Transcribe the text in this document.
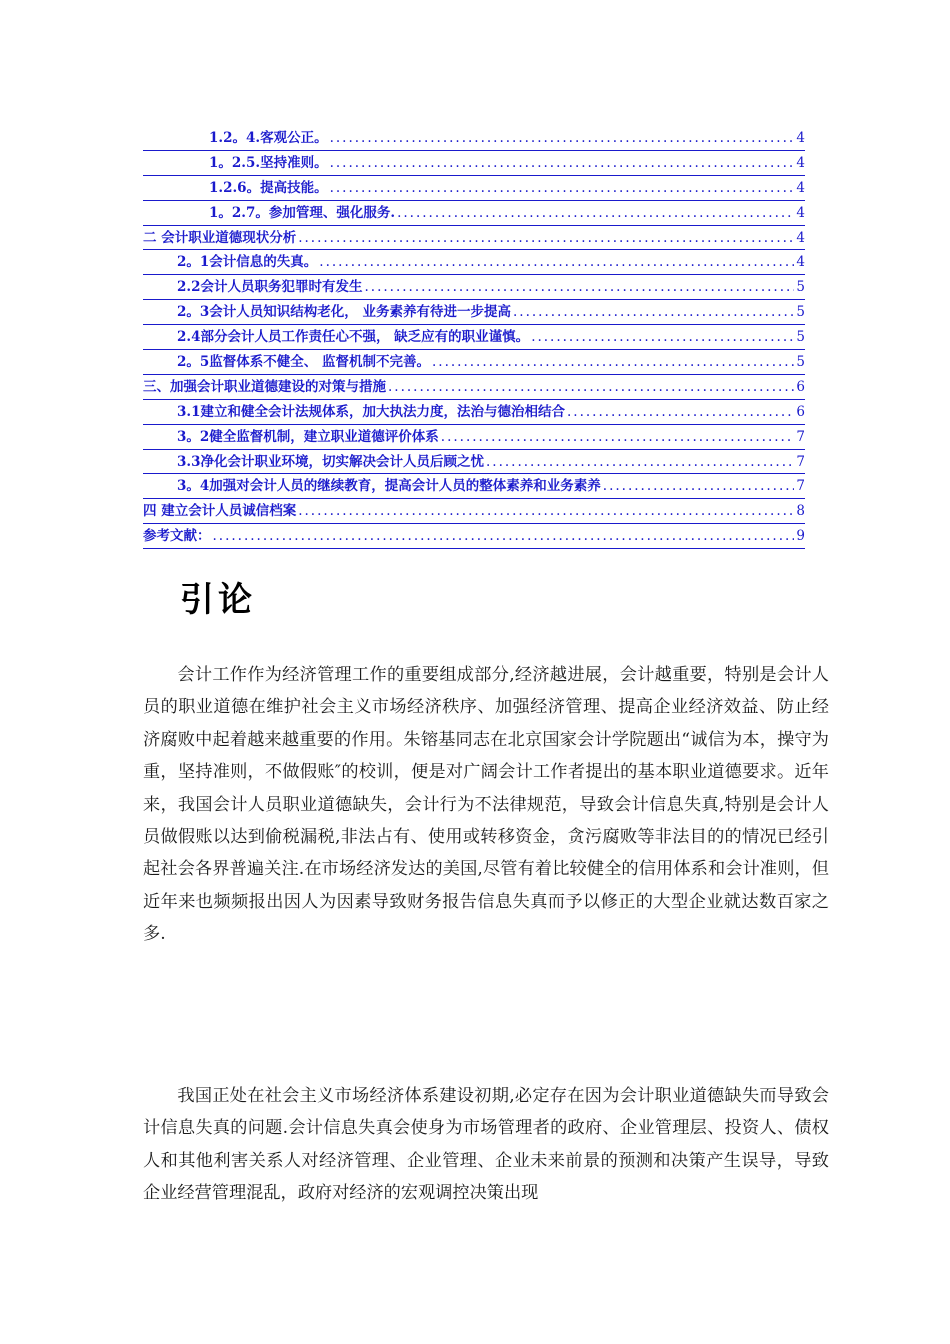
1.2。4.客观公正。 .....	4
1。2.5.坚持准则。 .....	4
1.2.6。提高技能。 .....	4
1。2.7。参加管理、强化服务. .....	4
二 会计职业道德现状分析 .....	4
2。1会计信息的失真。 .....	4
2.2会计人员职务犯罪时有发生 .....	5
2。3会计人员知识结构老化， 业务素养有待进一步提高 .....	5
2.4部分会计人员工作责任心不强， 缺乏应有的职业谨慎。 .....	5
2。5监督体系不健全、 监督机制不完善。 .....	5
三、加强会计职业道德建设的对策与措施 .....	6
3.1建立和健全会计法规体系，加大执法力度，法治与德治相结合 .....	6
3。2健全监督机制，建立职业道德评价体系 .....	7
3.3净化会计职业环境，切实解决会计人员后顾之忧 .....	7
3。4加强对会计人员的继续教育，提高会计人员的整体素养和业务素养 .....	7
四 建立会计人员诚信档案 .....	8
参考文献： .....	9
引论

会计工作作为经济管理工作的重要组成部分,经济越进展，会计越重要，特别是会计人员的职业道德在维护社会主义市场经济秩序、加强经济管理、提高企业经济效益、防止经济腐败中起着越来越重要的作用。朱镕基同志在北京国家会计学院题出“诚信为本，操守为重，坚持准则，不做假账″的校训，便是对广阔会计工作者提出的基本职业道德要求。近年来，我国会计人员职业道德缺失，会计行为不法律规范，导致会计信息失真,特别是会计人员做假账以达到偷税漏税,非法占有、使用或转移资金，贪污腐败等非法目的的情况已经引起社会各界普遍关注.在市场经济发达的美国,尽管有着比较健全的信用体系和会计准则，但近年来也频频报出因人为因素导致财务报告信息失真而予以修正的大型企业就达数百家之多.

我国正处在社会主义市场经济体系建设初期,必定存在因为会计职业道德缺失而导致会计信息失真的问题.会计信息失真会使身为市场管理者的政府、企业管理层、投资人、债权人和其他利害关系人对经济管理、企业管理、企业未来前景的预测和决策产生误导，导致企业经营管理混乱，政府对经济的宏观调控决策出现
